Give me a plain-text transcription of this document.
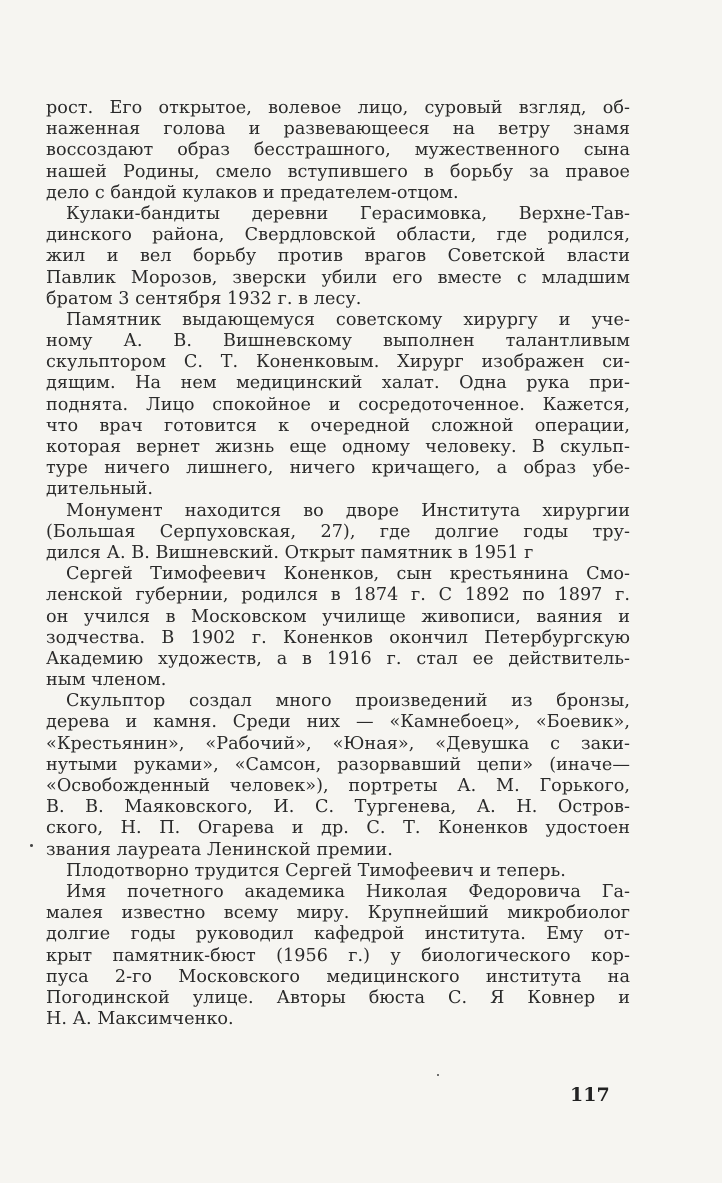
рост. Его открытое, волевое лицо, суровый взгляд, об-
наженная голова и развевающееся на ветру знамя
воссоздают образ бесстрашного, мужественного сына
нашей Родины, смело вступившего в борьбу за правое
дело с бандой кулаков и предателем-отцом.
Кулаки-бандиты деревни Герасимовка, Верхне-Тав-
динского района, Свердловской области, где родился,
жил и вел борьбу против врагов Советской власти
Павлик Морозов, зверски убили его вместе с младшим
братом 3 сентября 1932 г. в лесу.
Памятник выдающемуся советскому хирургу и уче-
ному А. В. Вишневскому выполнен талантливым
скульптором С. Т. Коненковым. Хирург изображен си-
дящим. На нем медицинский халат. Одна рука при-
поднята. Лицо спокойное и сосредоточенное. Кажется,
что врач готовится к очередной сложной операции,
которая вернет жизнь еще одному человеку. В скульп-
туре ничего лишнего, ничего кричащего, а образ убе-
дительный.
Монумент находится во дворе Института хирургии
(Большая Серпуховская, 27), где долгие годы тру-
дился А. В. Вишневский. Открыт памятник в 1951 г
Сергей Тимофеевич Коненков, сын крестьянина Смо-
ленской губернии, родился в 1874 г. С 1892 по 1897 г.
он учился в Московском училище живописи, ваяния и
зодчества. В 1902 г. Коненков окончил Петербургскую
Академию художеств, а в 1916 г. стал ее действитель-
ным членом.
Скульптор создал много произведений из бронзы,
дерева и камня. Среди них — «Камнебоец», «Боевик»,
«Крестьянин», «Рабочий», «Юная», «Девушка с заки-
нутыми руками», «Самсон, разорвавший цепи» (иначе—
«Освобожденный человек»), портреты А. М. Горького,
В. В. Маяковского, И. С. Тургенева, А. Н. Остров-
ского, Н. П. Огарева и др. С. Т. Коненков удостоен
звания лауреата Ленинской премии.
Плодотворно трудится Сергей Тимофеевич и теперь.
Имя почетного академика Николая Федоровича Га-
малея известно всему миру. Крупнейший микробиолог
долгие годы руководил кафедрой института. Ему от-
крыт памятник-бюст (1956 г.) у биологического кор-
пуса 2-го Московского медицинского института на
Погодинской улице. Авторы бюста С. Я Ковнер и
Н. А. Максимченко.
117
